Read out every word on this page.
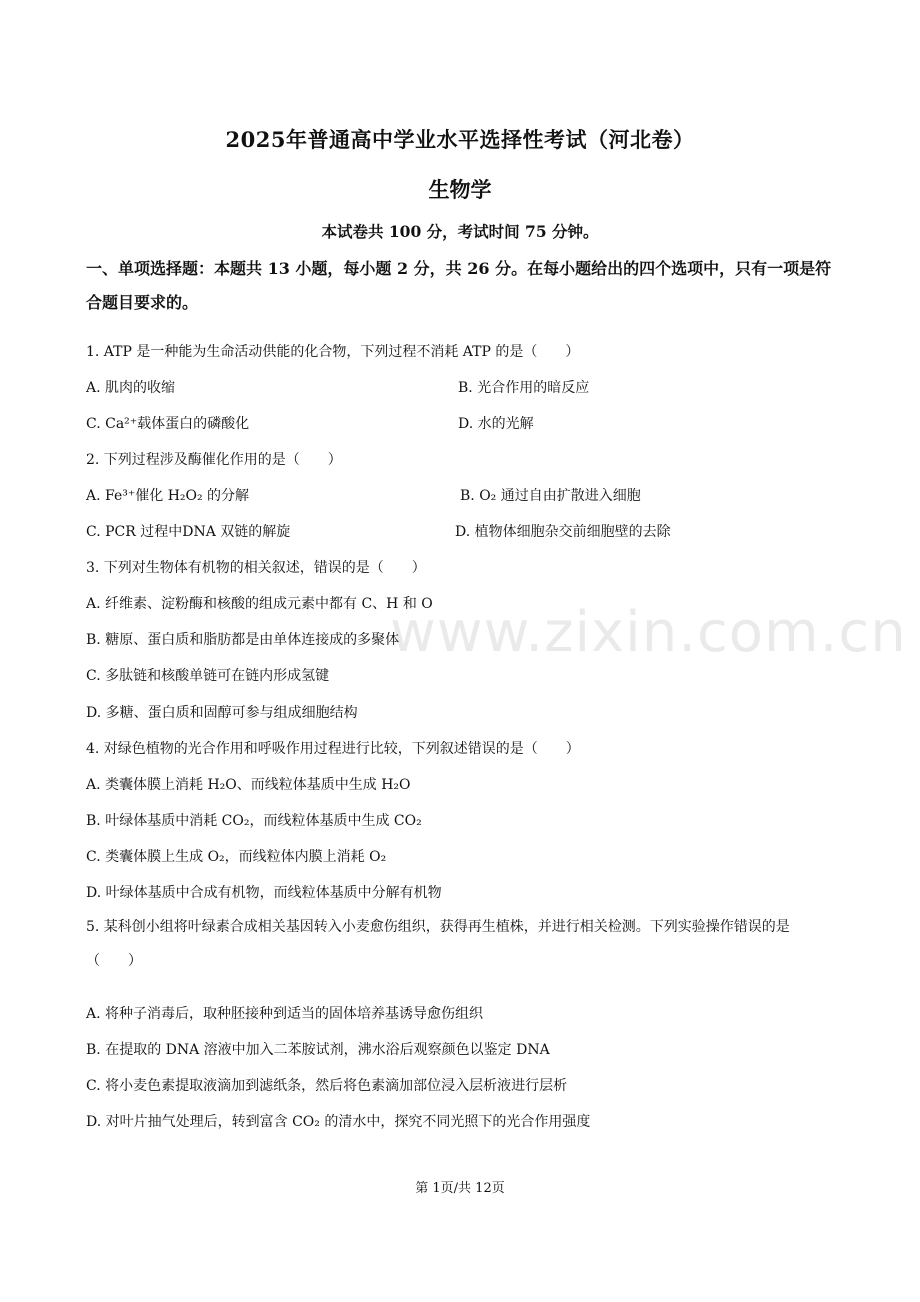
www.zixin.com.cn
2025年普通高中学业水平选择性考试（河北卷）
生物学
本试卷共 100 分，考试时间 75 分钟。
一、单项选择题：本题共 13 小题，每小题 2 分，共 26 分。在每小题给出的四个选项中，只有一项是符合题目要求的。
1. ATP 是一种能为生命活动供能的化合物，下列过程不消耗 ATP 的是（　　）
A. 肌肉的收缩	B. 光合作用的暗反应
C. Ca²⁺载体蛋白的磷酸化	D. 水的光解
2. 下列过程涉及酶催化作用的是（　　）
A. Fe³⁺催化 H₂O₂ 的分解	B. O₂ 通过自由扩散进入细胞
C. PCR 过程中DNA 双链的解旋	D. 植物体细胞杂交前细胞壁的去除
3. 下列对生物体有机物的相关叙述，错误的是（　　）
A. 纤维素、淀粉酶和核酸的组成元素中都有 C、H 和 O
B. 糖原、蛋白质和脂肪都是由单体连接成的多聚体
C. 多肽链和核酸单链可在链内形成氢键
D. 多糖、蛋白质和固醇可参与组成细胞结构
4. 对绿色植物的光合作用和呼吸作用过程进行比较，下列叙述错误的是（　　）
A. 类囊体膜上消耗 H₂O、而线粒体基质中生成 H₂O
B. 叶绿体基质中消耗 CO₂，而线粒体基质中生成 CO₂
C. 类囊体膜上生成 O₂，而线粒体内膜上消耗 O₂
D. 叶绿体基质中合成有机物，而线粒体基质中分解有机物
5. 某科创小组将叶绿素合成相关基因转入小麦愈伤组织，获得再生植株，并进行相关检测。下列实验操作错误的是（　　）
A. 将种子消毒后，取种胚接种到适当的固体培养基诱导愈伤组织
B. 在提取的 DNA 溶液中加入二苯胺试剂，沸水浴后观察颜色以鉴定 DNA
C. 将小麦色素提取液滴加到滤纸条，然后将色素滴加部位浸入层析液进行层析
D. 对叶片抽气处理后，转到富含 CO₂ 的清水中，探究不同光照下的光合作用强度
第 1页/共 12页
